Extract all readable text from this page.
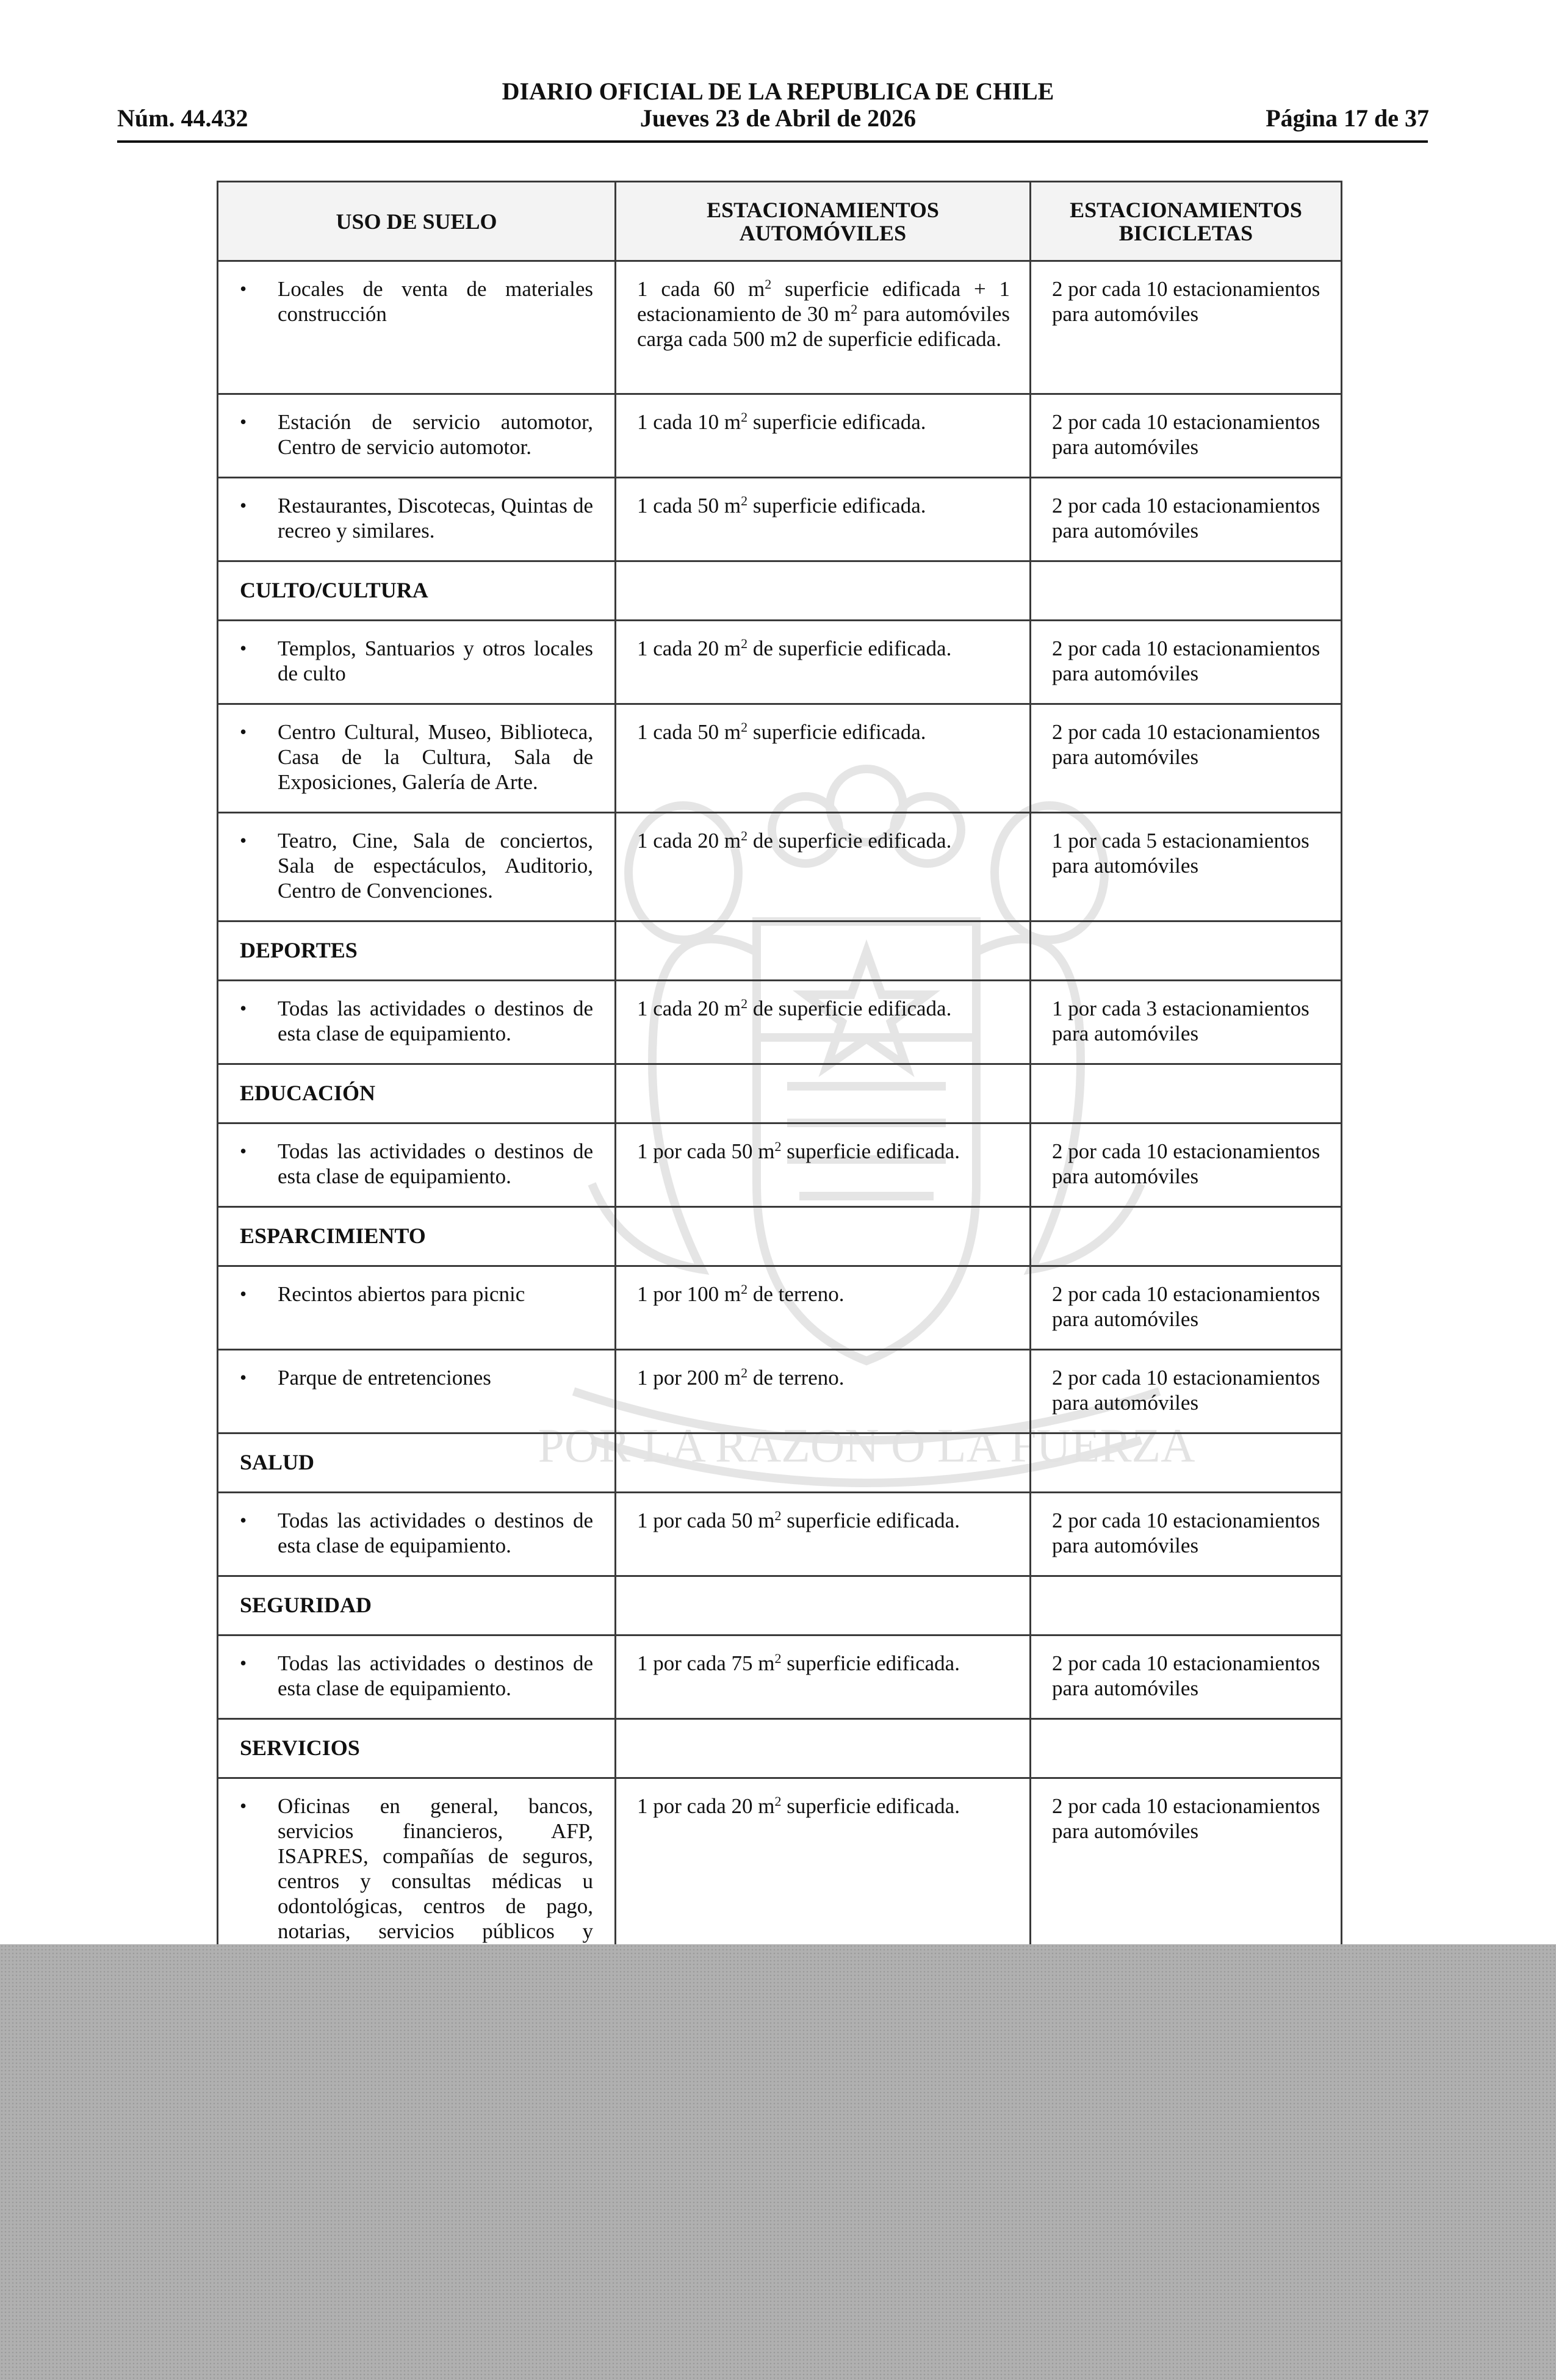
DIARIO OFICIAL DE LA REPUBLICA DE CHILE
Jueves 23 de Abril de 2026
Núm. 44.432	Página 17 de 37
POR LA RAZON O LA FUERZA
USO DE SUELO	ESTACIONAMIENTOS AUTOMÓVILES	ESTACIONAMIENTOS BICICLETAS

• Locales de venta de materiales construcción	1 cada 60 $m^2$ superficie edificada + 1 estacionamiento de 30 $m^2$ para automóviles carga cada 500 m2 de superficie edificada.	2 por cada 10 estacionamientos para automóviles

• Estación de servicio automotor, Centro de servicio automotor.	1 cada 10 $m^2$ superficie edificada.	2 por cada 10 estacionamientos para automóviles

• Restaurantes, Discotecas, Quintas de recreo y similares.	1 cada 50 $m^2$ superficie edificada.	2 por cada 10 estacionamientos para automóviles

CULTO/CULTURA		

• Templos, Santuarios y otros locales de culto	1 cada 20 $m^2$ de superficie edificada.	2 por cada 10 estacionamientos para automóviles

• Centro Cultural, Museo, Biblioteca, Casa de la Cultura, Sala de Exposiciones, Galería de Arte.	1 cada 50 $m^2$ superficie edificada.	2 por cada 10 estacionamientos para automóviles

• Teatro, Cine, Sala de conciertos, Sala de espectáculos, Auditorio, Centro de Convenciones.	1 cada 20 $m^2$ de superficie edificada.	1 por cada 5 estacionamientos para automóviles

DEPORTES		

• Todas las actividades o destinos de esta clase de equipamiento.	1 cada 20 $m^2$ de superficie edificada.	1 por cada 3 estacionamientos para automóviles

EDUCACIÓN		

• Todas las actividades o destinos de esta clase de equipamiento.	1 por cada 50 $m^2$ superficie edificada.	2 por cada 10 estacionamientos para automóviles

ESPARCIMIENTO		

• Recintos abiertos para picnic	1 por 100 $m^2$ de terreno.	2 por cada 10 estacionamientos para automóviles

• Parque de entretenciones	1 por 200 $m^2$ de terreno.	2 por cada 10 estacionamientos para automóviles

SALUD		

• Todas las actividades o destinos de esta clase de equipamiento.	1 por cada 50 $m^2$ superficie edificada.	2 por cada 10 estacionamientos para automóviles

SEGURIDAD		

• Todas las actividades o destinos de esta clase de equipamiento.	1 por cada 75 $m^2$ superficie edificada.	2 por cada 10 estacionamientos para automóviles

SERVICIOS		

• Oficinas en general, bancos, servicios financieros, AFP, ISAPRES, compañías de seguros, centros y consultas médicas u odontológicas, centros de pago, notarias, servicios públicos y	1 por cada 20 $m^2$ superficie edificada.	2 por cada 10 estacionamientos para automóviles
